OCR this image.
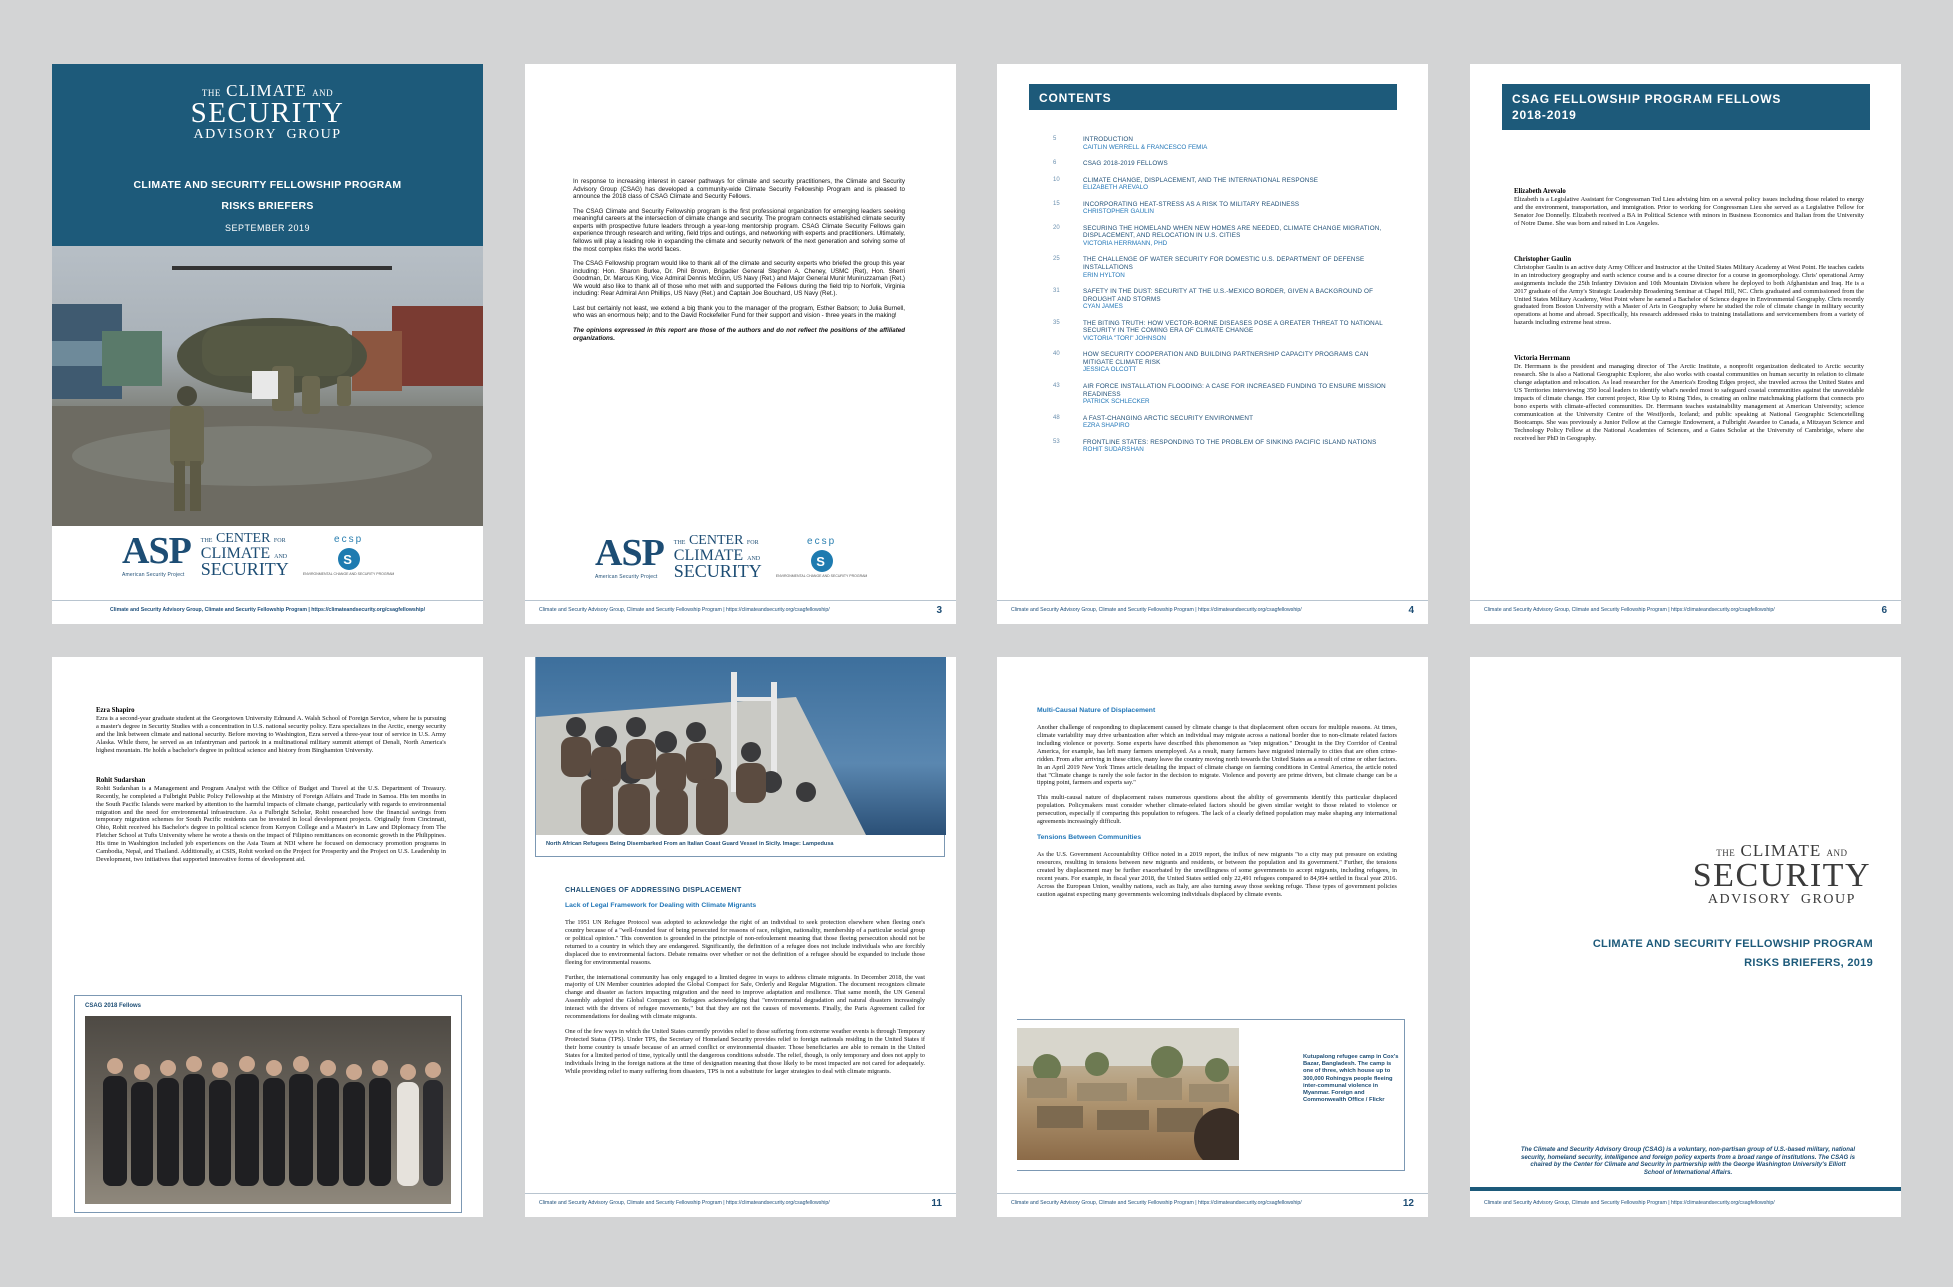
THE CLIMATE AND
SECURITY
ADVISORY GROUP
CLIMATE AND SECURITY FELLOWSHIP PROGRAM
RISKS BRIEFERS
SEPTEMBER 2019
ASP
American Security Project
THE CENTER FOR
CLIMATE AND
SECURITY
ecsp
S
ENVIRONMENTAL CHANGE AND SECURITY PROGRAM
Climate and Security Advisory Group, Climate and Security Fellowship Program | https://climateandsecurity.org/csagfellowship/

In response to increasing interest in career pathways for climate and security practitioners, the Climate and Security Advisory Group (CSAG) has developed a community-wide Climate Security Fellowship Program and is pleased to announce the 2018 class of CSAG Climate and Security Fellows.

The CSAG Climate and Security Fellowship program is the first professional organization for emerging leaders seeking meaningful careers at the intersection of climate change and security. The program connects established climate security experts with prospective future leaders through a year-long mentorship program. CSAG Climate Security Fellows gain experience through research and writing, field trips and outings, and networking with experts and practitioners. Ultimately, fellows will play a leading role in expanding the climate and security network of the next generation and solving some of the most complex risks the world faces.

The CSAG Fellowship program would like to thank all of the climate and security experts who briefed the group this year including: Hon. Sharon Burke, Dr. Phil Brown, Brigadier General Stephen A. Cheney, USMC (Ret), Hon. Sherri Goodman, Dr. Marcus King, Vice Admiral Dennis McGinn, US Navy (Ret.) and Major General Munir Muniruzzaman (Ret.) We would also like to thank all of those who met with and supported the Fellows during the field trip to Norfolk, Virginia including: Rear Admiral Ann Phillips, US Navy (Ret.) and Captain Joe Bouchard, US Navy (Ret.).

Last but certainly not least, we extend a big thank you to the manager of the program, Esther Babson; to Julia Burnell, who was an enormous help; and to the David Rockefeller Fund for their support and vision - three years in the making!

The opinions expressed in this report are those of the authors and do not reflect the positions of the affiliated organizations.

ASP
American Security Project
THE CENTER FOR
CLIMATE AND
SECURITY
ecsp
S
ENVIRONMENTAL CHANGE AND SECURITY PROGRAM
Climate and Security Advisory Group, Climate and Security Fellowship Program | https://climateandsecurity.org/csagfellowship/	3
CONTENTS
5	INTRODUCTION
CAITLIN WERRELL & FRANCESCO FEMIA
6	CSAG 2018-2019 FELLOWS
10	CLIMATE CHANGE, DISPLACEMENT, AND THE INTERNATIONAL RESPONSE
ELIZABETH AREVALO
15	INCORPORATING HEAT-STRESS AS A RISK TO MILITARY READINESS
CHRISTOPHER GAULIN
20	SECURING THE HOMELAND WHEN NEW HOMES ARE NEEDED, CLIMATE CHANGE MIGRATION, DISPLACEMENT, AND RELOCATION IN U.S. CITIES
VICTORIA HERRMANN, PHD
25	THE CHALLENGE OF WATER SECURITY FOR DOMESTIC U.S. DEPARTMENT OF DEFENSE INSTALLATIONS
ERIN HYLTON
31	SAFETY IN THE DUST: SECURITY AT THE U.S.-MEXICO BORDER, GIVEN A BACKGROUND OF DROUGHT AND STORMS
CYAN JAMES
35	THE BITING TRUTH: HOW VECTOR-BORNE DISEASES POSE A GREATER THREAT TO NATIONAL SECURITY IN THE COMING ERA OF CLIMATE CHANGE
VICTORIA "TORI" JOHNSON
40	HOW SECURITY COOPERATION AND BUILDING PARTNERSHIP CAPACITY PROGRAMS CAN MITIGATE CLIMATE RISK
JESSICA OLCOTT
43	AIR FORCE INSTALLATION FLOODING: A CASE FOR INCREASED FUNDING TO ENSURE MISSION READINESS
PATRICK SCHLECKER
48	A FAST-CHANGING ARCTIC SECURITY ENVIRONMENT
EZRA SHAPIRO
53	FRONTLINE STATES: RESPONDING TO THE PROBLEM OF SINKING PACIFIC ISLAND NATIONS
ROHIT SUDARSHAN
Climate and Security Advisory Group, Climate and Security Fellowship Program | https://climateandsecurity.org/csagfellowship/	4
CSAG FELLOWSHIP PROGRAM FELLOWS
2018-2019
Elizabeth Arevalo
Elizabeth is a Legislative Assistant for Congressman Ted Lieu advising him on a several policy issues including those related to energy and the environment, transportation, and immigration. Prior to working for Congressman Lieu she served as a Legislative Fellow for Senator Joe Donnelly. Elizabeth received a BA in Political Science with minors in Business Economics and Italian from the University of Notre Dame. She was born and raised in Los Angeles.
Christopher Gaulin
Christopher Gaulin is an active duty Army Officer and Instructor at the United States Military Academy at West Point. He teaches cadets in an introductory geography and earth science course and is a course director for a course in geomorphology. Chris' operational Army assignments include the 25th Infantry Division and 10th Mountain Division where he deployed to both Afghanistan and Iraq. He is a 2017 graduate of the Army's Strategic Leadership Broadening Seminar at Chapel Hill, NC. Chris graduated and commissioned from the United States Military Academy, West Point where he earned a Bachelor of Science degree in Environmental Geography. Chris recently graduated from Boston University with a Master of Arts in Geography where he studied the role of climate change in military security operations at home and abroad. Specifically, his research addressed risks to training installations and servicemembers from a variety of hazards including extreme heat stress.
Victoria Herrmann
Dr. Herrmann is the president and managing director of The Arctic Institute, a nonprofit organization dedicated to Arctic security research. She is also a National Geographic Explorer, she also works with coastal communities on human security in relation to climate change adaptation and relocation. As lead researcher for the America's Eroding Edges project, she traveled across the United States and US Territories interviewing 350 local leaders to identify what's needed most to safeguard coastal communities against the unavoidable impacts of climate change. Her current project, Rise Up to Rising Tides, is creating an online matchmaking platform that connects pro bono experts with climate-affected communities. Dr. Herrmann teaches sustainability management at American University; science communication at the University Centre of the Westfjords, Iceland; and public speaking at National Geographic Sciencetelling Bootcamps. She was previously a Junior Fellow at the Carnegie Endowment, a Fulbright Awardee to Canada, a Mitzayan Science and Technology Policy Fellow at the National Academies of Sciences, and a Gates Scholar at the University of Cambridge, where she received her PhD in Geography.
Climate and Security Advisory Group, Climate and Security Fellowship Program | https://climateandsecurity.org/csagfellowship/	6
Ezra Shapiro
Ezra is a second-year graduate student at the Georgetown University Edmund A. Walsh School of Foreign Service, where he is pursuing a master's degree in Security Studies with a concentration in U.S. national security policy. Ezra specializes in the Arctic, energy security and the link between climate and national security. Before moving to Washington, Ezra served a three-year tour of service in U.S. Army Alaska. While there, he served as an infantryman and partook in a multinational military summit attempt of Denali, North America's highest mountain. He holds a bachelor's degree in political science and history from Binghamton University.
Rohit Sudarshan
Rohit Sudarshan is a Management and Program Analyst with the Office of Budget and Travel at the U.S. Department of Treasury. Recently, he completed a Fulbright Public Policy Fellowship at the Ministry of Foreign Affairs and Trade in Samoa. His ten months in the South Pacific Islands were marked by attention to the harmful impacts of climate change, particularly with regards to environmental migration and the need for environmental infrastructure. As a Fulbright Scholar, Rohit researched how the financial savings from temporary migration schemes for South Pacific residents can be invested in local development projects. Originally from Cincinnati, Ohio, Rohit received his Bachelor's degree in political science from Kenyon College and a Master's in Law and Diplomacy from The Fletcher School at Tufts University where he wrote a thesis on the impact of Filipino remittances on economic growth in the Philippines. His time in Washington included job experiences on the Asia Team at NDI where he focused on democracy promotion programs in Cambodia, Nepal, and Thailand. Additionally, at CSIS, Rohit worked on the Project for Prosperity and the Project on U.S. Leadership in Development, two initiatives that supported innovative forms of development aid.
CSAG 2018 Fellows
North African Refugees Being Disembarked From an Italian Coast Guard Vessel in Sicily. Image: Lampedusa
CHALLENGES OF ADDRESSING DISPLACEMENT
Lack of Legal Framework for Dealing with Climate Migrants

The 1951 UN Refugee Protocol was adopted to acknowledge the right of an individual to seek protection elsewhere when fleeing one's country because of a "well-founded fear of being persecuted for reasons of race, religion, nationality, membership of a particular social group or political opinion." This convention is grounded in the principle of non-refoulement meaning that those fleeing persecution should not be returned to a country in which they are endangered. Significantly, the definition of a refugee does not include individuals who are forcibly displaced due to environmental factors. Debate remains over whether or not the definition of a refugee should be expanded to include those fleeing for environmental reasons.

Further, the international community has only engaged to a limited degree in ways to address climate migrants. In December 2018, the vast majority of UN Member countries adopted the Global Compact for Safe, Orderly and Regular Migration. The document recognizes climate change and disaster as factors impacting migration and the need to improve adaptation and resilience. That same month, the UN General Assembly adopted the Global Compact on Refugees acknowledging that "environmental degradation and natural disasters increasingly interact with the drivers of refugee movements," but that they are not the causes of movements. Finally, the Paris Agreement called for recommendations for dealing with climate migrants.

One of the few ways in which the United States currently provides relief to those suffering from extreme weather events is through Temporary Protected Status (TPS). Under TPS, the Secretary of Homeland Security provides relief to foreign nationals residing in the United States if their home country is unsafe because of an armed conflict or environmental disaster. Those beneficiaries are able to remain in the United States for a limited period of time, typically until the dangerous conditions subside. The relief, though, is only temporary and does not apply to individuals living in the foreign nations at the time of designation meaning that those likely to be most impacted are not cared for adequately. While providing relief to many suffering from disasters, TPS is not a substitute for larger strategies to deal with climate migrants.

Climate and Security Advisory Group, Climate and Security Fellowship Program | https://climateandsecurity.org/csagfellowship/	11
Multi-Causal Nature of Displacement

Another challenge of responding to displacement caused by climate change is that displacement often occurs for multiple reasons. At times, climate variability may drive urbanization after which an individual may migrate across a national border due to non-climate related factors including violence or poverty. Some experts have described this phenomenon as "step migration." Drought in the Dry Corridor of Central America, for example, has left many farmers unemployed. As a result, many farmers have migrated internally to cities that are often crime-ridden. From after arriving in these cities, many leave the country moving north towards the United States as a result of crime or other factors. In an April 2019 New York Times article detailing the impact of climate change on farming conditions in Central America, the article noted that "Climate change is rarely the sole factor in the decision to migrate. Violence and poverty are prime drivers, but climate change can be a tipping point, farmers and experts say."

This multi-causal nature of displacement raises numerous questions about the ability of governments identify this particular displaced population. Policymakers must consider whether climate-related factors should be given similar weight to those related to violence or persecution, especially if comparing this population to refugees. The lack of a clearly defined population may make shaping any international agreements increasingly difficult.

Tensions Between Communities

As the U.S. Government Accountability Office noted in a 2019 report, the influx of new migrants "to a city may put pressure on existing resources, resulting in tensions between new migrants and residents, or between the population and its government." Further, the tensions created by displacement may be further exacerbated by the unwillingness of some governments to accept migrants, including refugees, in recent years. For example, in fiscal year 2018, the United States settled only 22,491 refugees compared to 84,994 settled in fiscal year 2016. Across the European Union, wealthy nations, such as Italy, are also turning away those seeking refuge. These types of government policies caution against expecting many governments welcoming individuals displaced by climate events.

Kutupalong refugee camp in Cox's Bazar, Bangladesh. The camp is one of three, which house up to 300,000 Rohingya people fleeing inter-communal violence in Myanmar. Foreign and Commonwealth Office / Flickr
Climate and Security Advisory Group, Climate and Security Fellowship Program | https://climateandsecurity.org/csagfellowship/	12
THE CLIMATE AND
SECURITY
ADVISORY GROUP
CLIMATE AND SECURITY FELLOWSHIP PROGRAM
RISKS BRIEFERS, 2019
The Climate and Security Advisory Group (CSAG) is a voluntary, non-partisan group of U.S.-based military, national security, homeland security, intelligence and foreign policy experts from a broad range of institutions. The CSAG is chaired by the Center for Climate and Security in partnership with the George Washington University's Elliott School of International Affairs.
Climate and Security Advisory Group, Climate and Security Fellowship Program | https://climateandsecurity.org/csagfellowship/
